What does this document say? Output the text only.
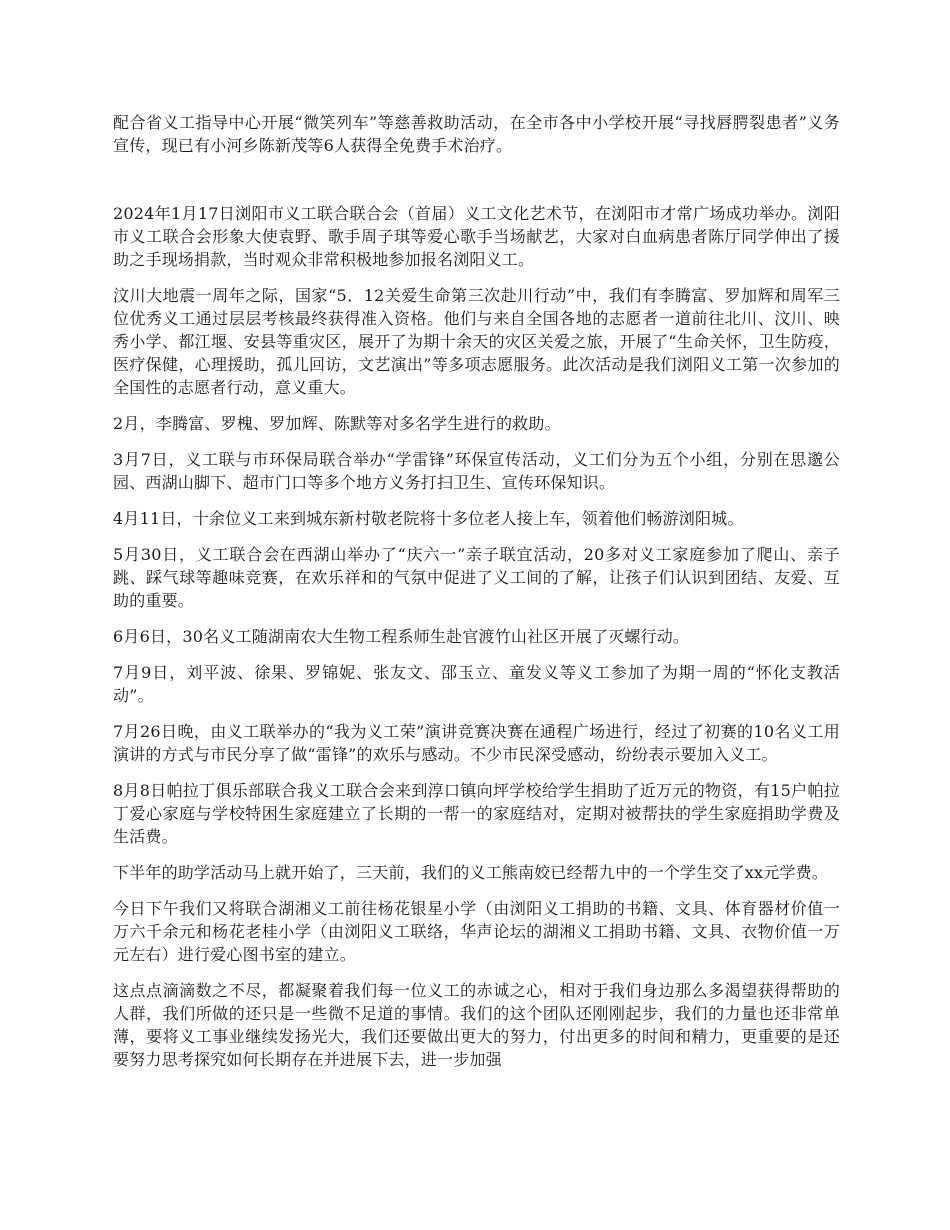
配合省义工指导中心开展“微笑列车”等慈善救助活动，在全市各中小学校开展“寻找唇腭裂患者”义务宣传，现已有小河乡陈新茂等6人获得全免费手术治疗。

2024年1月17日浏阳市义工联合联合会（首届）义工文化艺术节，在浏阳市才常广场成功举办。浏阳市义工联合会形象大使袁野、歌手周子琪等爱心歌手当场献艺，大家对白血病患者陈厅同学伸出了援助之手现场捐款，当时观众非常积极地参加报名浏阳义工。

汶川大地震一周年之际，国家“5．12关爱生命第三次赴川行动”中，我们有李腾富、罗加辉和周军三位优秀义工通过层层考核最终获得准入资格。他们与来自全国各地的志愿者一道前往北川、汶川、映秀小学、都江堰、安县等重灾区，展开了为期十余天的灾区关爱之旅，开展了“生命关怀，卫生防疫，医疗保健，心理援助，孤儿回访，文艺演出”等多项志愿服务。此次活动是我们浏阳义工第一次参加的全国性的志愿者行动，意义重大。

2月，李腾富、罗槐、罗加辉、陈默等对多名学生进行的救助。

3月7日，义工联与市环保局联合举办“学雷锋”环保宣传活动，义工们分为五个小组，分别在思邈公园、西湖山脚下、超市门口等多个地方义务打扫卫生、宣传环保知识。

4月11日，十余位义工来到城东新村敬老院将十多位老人接上车，领着他们畅游浏阳城。

5月30日，义工联合会在西湖山举办了“庆六一”亲子联宜活动，20多对义工家庭参加了爬山、亲子跳、踩气球等趣味竞赛，在欢乐祥和的气氛中促进了义工间的了解，让孩子们认识到团结、友爱、互助的重要。

6月6日，30名义工随湖南农大生物工程系师生赴官渡竹山社区开展了灭螺行动。

7月9日，刘平波、徐果、罗锦妮、张友文、邵玉立、童发义等义工参加了为期一周的“怀化支教活动”。

7月26日晚，由义工联举办的“我为义工荣”演讲竞赛决赛在通程广场进行，经过了初赛的10名义工用演讲的方式与市民分享了做“雷锋”的欢乐与感动。不少市民深受感动，纷纷表示要加入义工。

8月8日帕拉丁俱乐部联合我义工联合会来到淳口镇向坪学校给学生捐助了近万元的物资，有15户帕拉丁爱心家庭与学校特困生家庭建立了长期的一帮一的家庭结对，定期对被帮扶的学生家庭捐助学费及生活费。

下半年的助学活动马上就开始了，三天前，我们的义工熊南姣已经帮九中的一个学生交了xx元学费。

今日下午我们又将联合湖湘义工前往杨花银星小学（由浏阳义工捐助的书籍、文具、体育器材价值一万六千余元和杨花老桂小学（由浏阳义工联络，华声论坛的湖湘义工捐助书籍、文具、衣物价值一万元左右）进行爱心图书室的建立。

这点点滴滴数之不尽，都凝聚着我们每一位义工的赤诚之心，相对于我们身边那么多渴望获得帮助的人群，我们所做的还只是一些微不足道的事情。我们的这个团队还刚刚起步，我们的力量也还非常单薄，要将义工事业继续发扬光大，我们还要做出更大的努力，付出更多的时间和精力，更重要的是还要努力思考探究如何长期存在并进展下去，进一步加强
